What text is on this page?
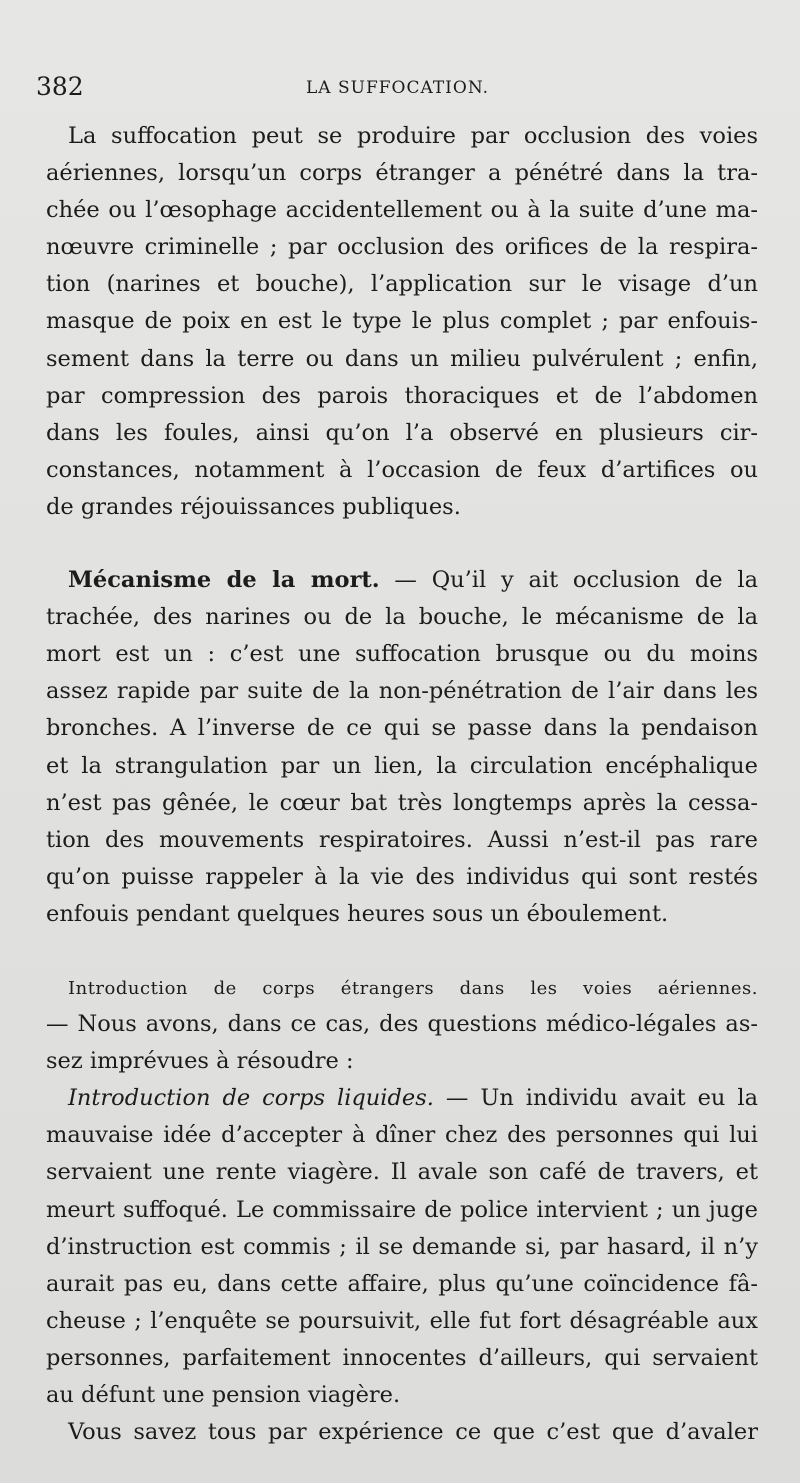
382	LA SUFFOCATION.
La suffocation peut se produire par occlusion des voies
aériennes, lorsqu’un corps étranger a pénétré dans la tra-
chée ou l’œsophage accidentellement ou à la suite d’une ma-
nœuvre criminelle ; par occlusion des orifices de la respira-
tion (narines et bouche), l’application sur le visage d’un
masque de poix en est le type le plus complet ; par enfouis-
sement dans la terre ou dans un milieu pulvérulent ; enfin,
par compression des parois thoraciques et de l’abdomen
dans les foules, ainsi qu’on l’a observé en plusieurs cir-
constances, notamment à l’occasion de feux d’artifices ou
de grandes réjouissances publiques.
Mécanisme de la mort. — Qu’il y ait occlusion de la
trachée, des narines ou de la bouche, le mécanisme de la
mort est un : c’est une suffocation brusque ou du moins
assez rapide par suite de la non-pénétration de l’air dans les
bronches. A l’inverse de ce qui se passe dans la pendaison
et la strangulation par un lien, la circulation encéphalique
n’est pas gênée, le cœur bat très longtemps après la cessa-
tion des mouvements respiratoires. Aussi n’est-il pas rare
qu’on puisse rappeler à la vie des individus qui sont restés
enfouis pendant quelques heures sous un éboulement.
Introduction de corps étrangers dans les voies aériennes.
— Nous avons, dans ce cas, des questions médico-légales as-
sez imprévues à résoudre :
Introduction de corps liquides. — Un individu avait eu la
mauvaise idée d’accepter à dîner chez des personnes qui lui
servaient une rente viagère. Il avale son café de travers, et
meurt suffoqué. Le commissaire de police intervient ; un juge
d’instruction est commis ; il se demande si, par hasard, il n’y
aurait pas eu, dans cette affaire, plus qu’une coïncidence fâ-
cheuse ; l’enquête se poursuivit, elle fut fort désagréable aux
personnes, parfaitement innocentes d’ailleurs, qui servaient
au défunt une pension viagère.
Vous savez tous par expérience ce que c’est que d’avaler
